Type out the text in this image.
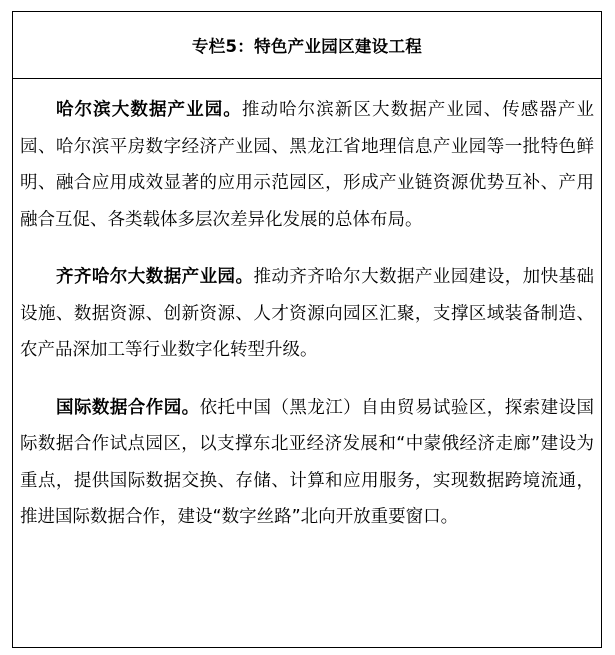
专栏5：特色产业园区建设工程

哈尔滨大数据产业园。推动哈尔滨新区大数据产业园、传感器产业园、哈尔滨平房数字经济产业园、黑龙江省地理信息产业园等一批特色鲜明、融合应用成效显著的应用示范园区，形成产业链资源优势互补、产用融合互促、各类载体多层次差异化发展的总体布局。

齐齐哈尔大数据产业园。推动齐齐哈尔大数据产业园建设，加快基础设施、数据资源、创新资源、人才资源向园区汇聚，支撑区域装备制造、农产品深加工等行业数字化转型升级。

国际数据合作园。依托中国（黑龙江）自由贸易试验区，探索建设国际数据合作试点园区，以支撑东北亚经济发展和“中蒙俄经济走廊”建设为重点，提供国际数据交换、存储、计算和应用服务，实现数据跨境流通，推进国际数据合作，建设“数字丝路”北向开放重要窗口。
